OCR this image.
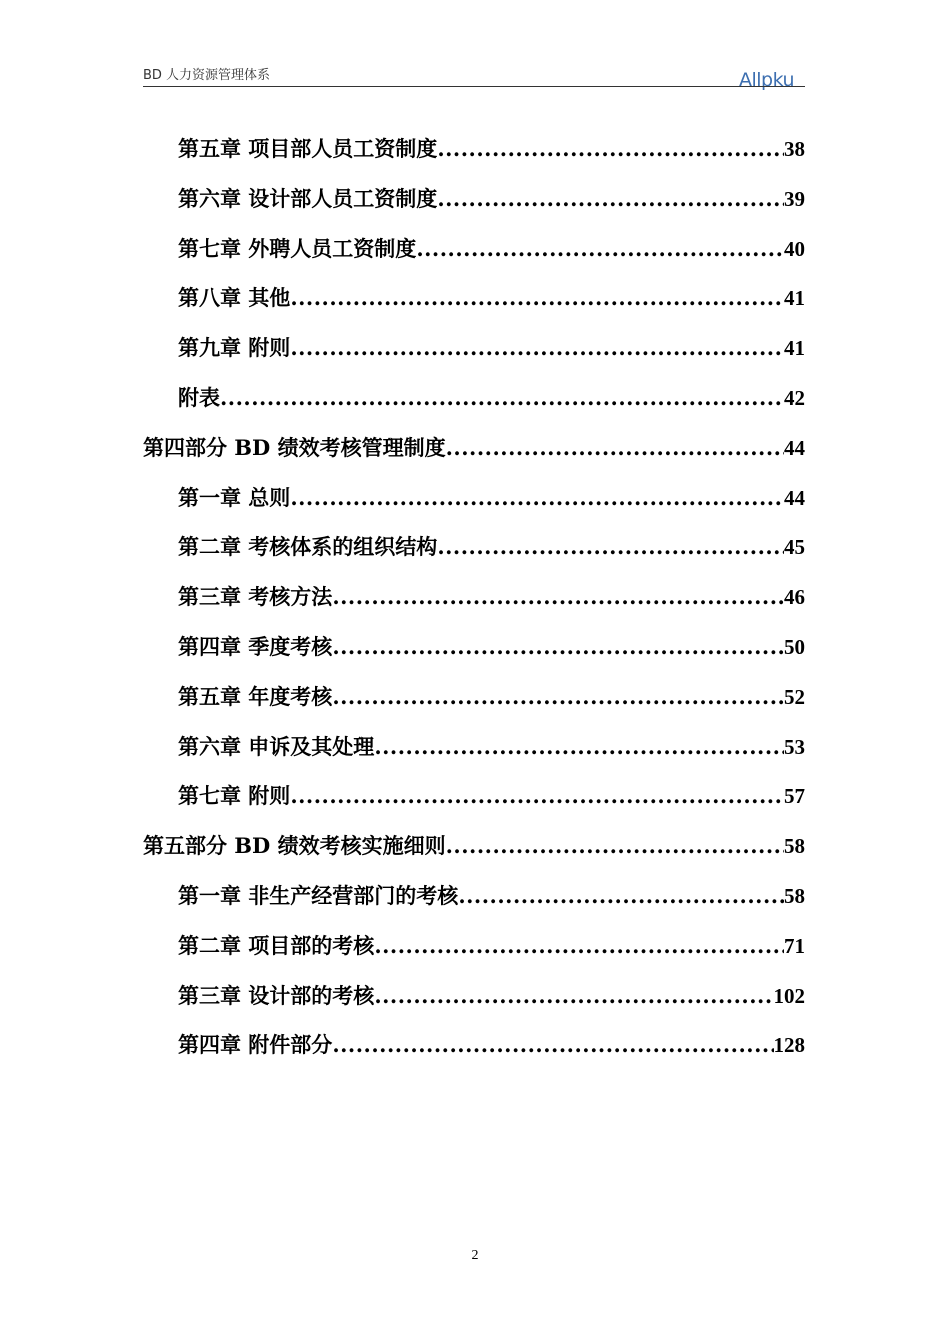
BD 人力资源管理体系	Allpku
第五章 项目部人员工资制度 .....	38
第六章 设计部人员工资制度 .....	39
第七章 外聘人员工资制度 .....	40
第八章 其他 .....	41
第九章 附则 .....	41
附表 .....	42
第四部分 BD 绩效考核管理制度 .....	44
第一章 总则 .....	44
第二章 考核体系的组织结构 .....	45
第三章 考核方法 .....	46
第四章 季度考核 .....	50
第五章 年度考核 .....	52
第六章 申诉及其处理 .....	53
第七章 附则 .....	57
第五部分 BD 绩效考核实施细则 .....	58
第一章 非生产经营部门的考核 .....	58
第二章 项目部的考核 .....	71
第三章 设计部的考核 .....	102
第四章 附件部分 .....	128
2
